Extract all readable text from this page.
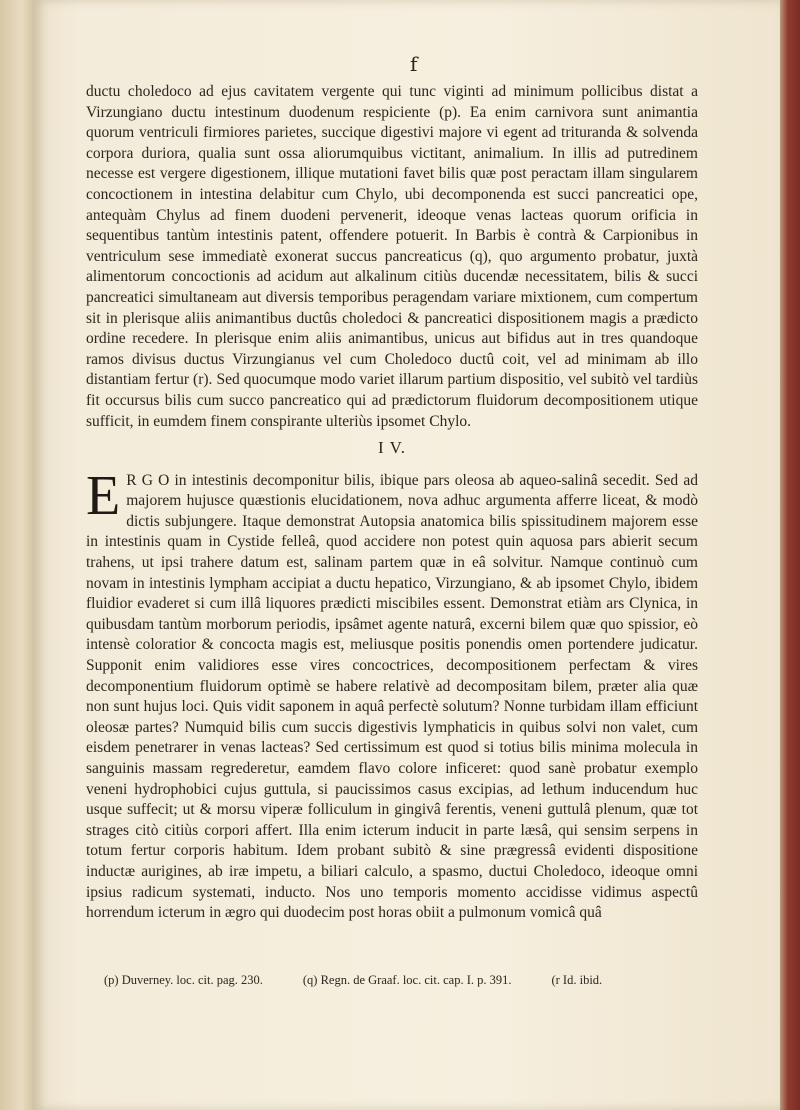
f

ductu choledoco ad ejus cavitatem vergente qui tunc viginti ad minimum pollicibus distat a Virzungiano ductu intestinum duodenum respiciente (p). Ea enim carnivora sunt animantia quorum ventriculi firmiores parietes, succique digestivi majore vi egent ad trituranda & solvenda corpora duriora, qualia sunt ossa aliorumquibus victitant, animalium. In illis ad putredinem necesse est vergere digestionem, illique mutationi favet bilis quæ post peractam illam singularem concoctionem in intestina delabitur cum Chylo, ubi decomponenda est succi pancreatici ope, antequàm Chylus ad finem duodeni pervenerit, ideoque venas lacteas quorum orificia in sequentibus tantùm intestinis patent, offendere potuerit. In Barbis è contrà & Carpionibus in ventriculum sese immediatè exonerat succus pancreaticus (q), quo argumento probatur, juxtà alimentorum concoctionis ad acidum aut alkalinum citiùs ducendæ necessitatem, bilis & succi pancreatici simultaneam aut diversis temporibus peragendam variare mixtionem, cum compertum sit in plerisque aliis animantibus ductûs choledoci & pancreatici dispositionem magis a prædicto ordine recedere. In plerisque enim aliis animantibus, unicus aut bifidus aut in tres quandoque ramos divisus ductus Virzungianus vel cum Choledoco ductû coit, vel ad minimam ab illo distantiam fertur (r). Sed quocumque modo variet illarum partium dispositio, vel subitò vel tardiùs fit occursus bilis cum succo pancreatico qui ad prædictorum fluidorum decompositionem utique sufficit, in eumdem finem conspirante ulteriùs ipsomet Chylo.

I V.
E R G O in intestinis decomponitur bilis, ibique pars oleosa ab aqueo-salinâ secedit. Sed ad majorem hujusce quæstionis elucidationem, nova adhuc argumenta afferre liceat, & modò dictis subjungere. Itaque demonstrat Autopsia anatomica bilis spissitudinem majorem esse in intestinis quam in Cystide felleâ, quod accidere non potest quin aquosa pars abierit secum trahens, ut ipsi trahere datum est, salinam partem quæ in eâ solvitur. Namque continuò cum novam in intestinis lympham accipiat a ductu hepatico, Virzungiano, & ab ipsomet Chylo, ibidem fluidior evaderet si cum illâ liquores prædicti miscibiles essent. Demonstrat etiàm ars Clynica, in quibusdam tantùm morborum periodis, ipsâmet agente naturâ, excerni bilem quæ quo spissior, eò intensè coloratior & concocta magis est, meliusque positis ponendis omen portendere judicatur. Supponit enim validiores esse vires concoctrices, decompositionem perfectam & vires decomponentium fluidorum optimè se habere relativè ad decompositam bilem, præter alia quæ non sunt hujus loci. Quis vidit saponem in aquâ perfectè solutum? Nonne turbidam illam efficiunt oleosæ partes? Numquid bilis cum succis digestivis lymphaticis in quibus solvi non valet, cum eisdem penetrarer in venas lacteas? Sed certissimum est quod si totius bilis minima molecula in sanguinis massam regrederetur, eamdem flavo colore inficeret: quod sanè probatur exemplo veneni hydrophobici cujus guttula, si paucissimos casus excipias, ad lethum inducendum huc usque suffecit; ut & morsu viperæ folliculum in gingivâ ferentis, veneni guttulâ plenum, quæ tot strages citò citiùs corpori affert. Illa enim icterum inducit in parte læsâ, qui sensim serpens in totum fertur corporis habitum. Idem probant subitò & sine prægressâ evidenti dispositione inductæ aurigines, ab iræ impetu, a biliari calculo, a spasmo, ductui Choledoco, ideoque omni ipsius radicum systemati, inducto. Nos uno temporis momento accidisse vidimus aspectû horrendum icterum in ægro qui duodecim post horas obiit a pulmonum vomicâ quâ

(p) Duverney. loc. cit. pag. 230.	(q) Regn. de Graaf. loc. cit. cap. I. p. 391.	(r Id. ibid.
